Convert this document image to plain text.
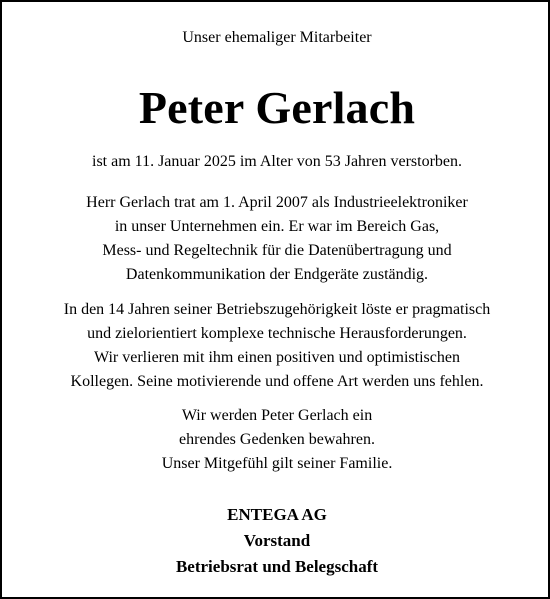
Unser ehemaliger Mitarbeiter
Peter Gerlach
ist am 11. Januar 2025 im Alter von 53 Jahren verstorben.
Herr Gerlach trat am 1. April 2007 als Industrieelektroniker
in unser Unternehmen ein. Er war im Bereich Gas,
Mess- und Regeltechnik für die Datenübertragung und
Datenkommunikation der Endgeräte zuständig.
In den 14 Jahren seiner Betriebszugehörigkeit löste er pragmatisch
und zielorientiert komplexe technische Herausforderungen.
Wir verlieren mit ihm einen positiven und optimistischen
Kollegen. Seine motivierende und offene Art werden uns fehlen.
Wir werden Peter Gerlach ein
ehrendes Gedenken bewahren.
Unser Mitgefühl gilt seiner Familie.
ENTEGA AG
Vorstand
Betriebsrat und Belegschaft
